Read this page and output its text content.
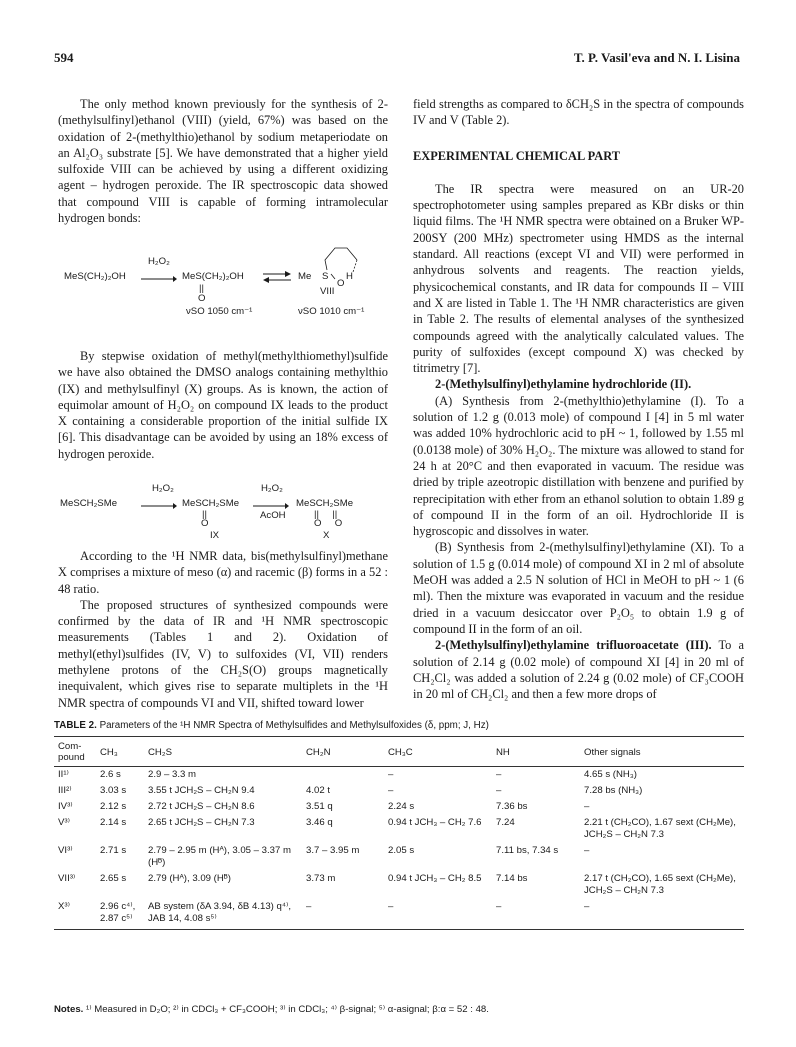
594	T. P. Vasil'eva and N. I. Lisina

The only method known previously for the synthesis of 2-(methylsulfinyl)ethanol (VIII) (yield, 67%) was based on the oxidation of 2-(methylthio)ethanol by sodium metaperiodate on an Al₂O₃ substrate [5]. We have demonstrated that a higher yield sulfoxide VIII can be achieved by using a different oxidizing agent – hydrogen peroxide. The IR spectroscopic data showed that compound VIII is capable of forming intramolecular hydrogen bonds:

H₂O₂
MeS(CH₂)₂OH	MeS(CH₂)₂OH
||
O
⇌ Me S
O
H
VIII
νSO 1050 cm⁻¹	νSO 1010 cm⁻¹

By stepwise oxidation of methyl(methylthiomethyl)sulfide we have also obtained the DMSO analogs containing methylthio (IX) and methylsulfinyl (X) groups. As is known, the action of equimolar amount of H₂O₂ on compound IX leads to the product X containing a considerable proportion of the initial sulfide IX [6]. This disadvantage can be avoided by using an 18% excess of hydrogen peroxide.

H₂O₂
MeSCH₂SMe	MeSCH₂SMe
||
O
IX
H₂O₂
AcOH
MeSCH₂SMe
||     ||
O     O
X

According to the ¹H NMR data, bis(methylsulfinyl)methane X comprises a mixture of meso (α) and racemic (β) forms in a 52 : 48 ratio.

The proposed structures of synthesized compounds were confirmed by the data of IR and ¹H NMR spectroscopic measurements (Tables 1 and 2). Oxidation of methyl(ethyl)sulfides (IV, V) to sulfoxides (VI, VII) renders methylene protons of the CH₂S(O) groups magnetically inequivalent, which gives rise to separate multiplets in the ¹H NMR spectra of compounds VI and VII, shifted toward lower

field strengths as compared to δCH₂S in the spectra of compounds IV and V (Table 2).

EXPERIMENTAL CHEMICAL PART

The IR spectra were measured on an UR-20 spectrophotometer using samples prepared as KBr disks or thin liquid films. The ¹H NMR spectra were obtained on a Bruker WP-200SY (200 MHz) spectrometer using HMDS as the internal standard. All reactions (except VI and VII) were performed in anhydrous solvents and reagents. The reaction yields, physicochemical constants, and IR data for compounds II – VIII and X are listed in Table 1. The ¹H NMR characteristics are given in Table 2. The results of elemental analyses of the synthesized compounds agreed with the analytically calculated values. The purity of sulfoxides (except compound X) was checked by titrimetry [7].

2-(Methylsulfinyl)ethylamine hydrochloride (II).

(A) Synthesis from 2-(methylthio)ethylamine (I). To a solution of 1.2 g (0.013 mole) of compound I [4] in 5 ml water was added 10% hydrochloric acid to pH ~ 1, followed by 1.55 ml (0.0138 mole) of 30% H₂O₂. The mixture was allowed to stand for 24 h at 20°C and then evaporated in vacuum. The residue was dried by triple azeotropic distillation with benzene and purified by reprecipitation with ether from an ethanol solution to obtain 1.89 g of compound II in the form of an oil. Hydrochloride II is hygroscopic and dissolves in water.

(B) Synthesis from 2-(methylsulfinyl)ethylamine (XI). To a solution of 1.5 g (0.014 mole) of compound XI in 2 ml of absolute MeOH was added a 2.5 N solution of HCl in MeOH to pH ~ 1 (6 ml). Then the mixture was evaporated in vacuum and the residue dried in a vacuum desiccator over P₂O₅ to obtain 1.9 g of compound II in the form of an oil.

2-(Methylsulfinyl)ethylamine trifluoroacetate (III). To a solution of 2.14 g (0.02 mole) of compound XI [4] in 20 ml of CH₂Cl₂ was added a solution of 2.24 g (0.02 mole) of CF₃COOH in 20 ml of CH₂Cl₂ and then a few more drops of

TABLE 2. Parameters of the ¹H NMR Spectra of Methylsulfides and Methylsulfoxides (δ, ppm; J, Hz)
Com-pound	CH₃	CH₂S	CH₂N	CH₃C	NH	Other signals
II¹⁾	2.6 s	2.9 – 3.3 m		–	–	4.65 s (NH₃)
III²⁾	3.03 s	3.55 t JCH₂S – CH₂N 9.4	4.02 t	–	–	7.28 bs (NH₃)
IV³⁾	2.12 s	2.72 t JCH₂S – CH₂N 8.6	3.51 q	2.24 s	7.36 bs	–
V³⁾	2.14 s	2.65 t JCH₂S – CH₂N 7.3	3.46 q	0.94 t JCH₃ – CH₂ 7.6	7.24	2.21 t (CH₂CO), 1.67 sext (CH₂Me), JCH₂S – CH₂N 7.3
VI³⁾	2.71 s	2.79 – 2.95 m (Hᴬ), 3.05 – 3.37 m (Hᴮ)	3.7 – 3.95 m	2.05 s	7.11 bs, 7.34 s	–
VII³⁾	2.65 s	2.79 (Hᴬ), 3.09 (Hᴮ)	3.73 m	0.94 t JCH₃ – CH₂ 8.5	7.14 bs	2.17 t (CH₂CO), 1.65 sext (CH₂Me), JCH₂S – CH₂N 7.3
X³⁾	2.96 c⁴⁾, 2.87 c⁵⁾	AB system (δA 3.94, δB 4.13) q⁴⁾, JAB 14, 4.08 s⁵⁾	–	–	–	–
Notes. ¹⁾ Measured in D₂O; ²⁾ in CDCl₃ + CF₃COOH; ³⁾ in CDCl₃; ⁴⁾ β-signal; ⁵⁾ α-asignal; β:α = 52 : 48.
